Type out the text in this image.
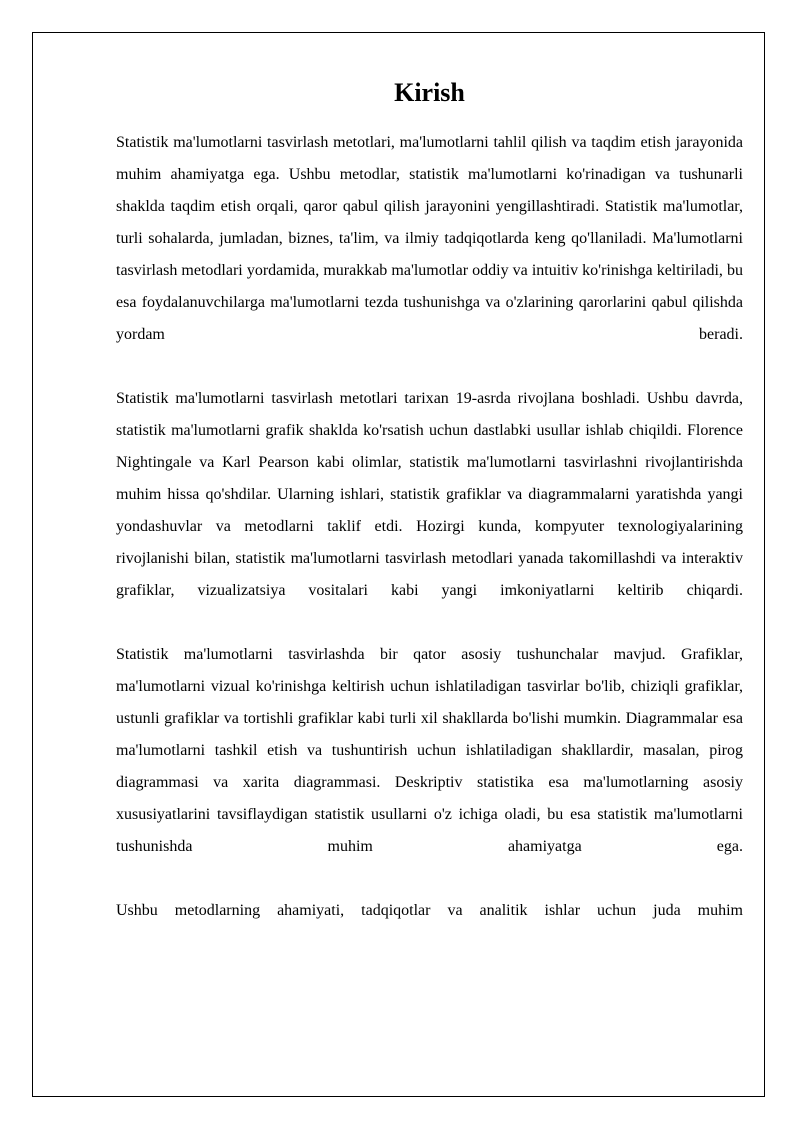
Kirish

Statistik ma'lumotlarni tasvirlash metotlari, ma'lumotlarni tahlil qilish va taqdim etish jarayonida muhim ahamiyatga ega. Ushbu metodlar, statistik ma'lumotlarni ko'rinadigan va tushunarli shaklda taqdim etish orqali, qaror qabul qilish jarayonini yengillashtiradi. Statistik ma'lumotlar, turli sohalarda, jumladan, biznes, ta'lim, va ilmiy tadqiqotlarda keng qo'llaniladi. Ma'lumotlarni tasvirlash metodlari yordamida, murakkab ma'lumotlar oddiy va intuitiv ko'rinishga keltiriladi, bu esa foydalanuvchilarga ma'lumotlarni tezda tushunishga va o'zlarining qarorlarini qabul qilishda yordam beradi.

Statistik ma'lumotlarni tasvirlash metotlari tarixan 19-asrda rivojlana boshladi. Ushbu davrda, statistik ma'lumotlarni grafik shaklda ko'rsatish uchun dastlabki usullar ishlab chiqildi. Florence Nightingale va Karl Pearson kabi olimlar, statistik ma'lumotlarni tasvirlashni rivojlantirishda muhim hissa qo'shdilar. Ularning ishlari, statistik grafiklar va diagrammalarni yaratishda yangi yondashuvlar va metodlarni taklif etdi. Hozirgi kunda, kompyuter texnologiyalarining rivojlanishi bilan, statistik ma'lumotlarni tasvirlash metodlari yanada takomillashdi va interaktiv grafiklar, vizualizatsiya vositalari kabi yangi imkoniyatlarni keltirib chiqardi.

Statistik ma'lumotlarni tasvirlashda bir qator asosiy tushunchalar mavjud. Grafiklar, ma'lumotlarni vizual ko'rinishga keltirish uchun ishlatiladigan tasvirlar bo'lib, chiziqli grafiklar, ustunli grafiklar va tortishli grafiklar kabi turli xil shakllarda bo'lishi mumkin. Diagrammalar esa ma'lumotlarni tashkil etish va tushuntirish uchun ishlatiladigan shakllardir, masalan, pirog diagrammasi va xarita diagrammasi. Deskriptiv statistika esa ma'lumotlarning asosiy xususiyatlarini tavsiflaydigan statistik usullarni o'z ichiga oladi, bu esa statistik ma'lumotlarni tushunishda muhim ahamiyatga ega.

Ushbu metodlarning ahamiyati, tadqiqotlar va analitik ishlar uchun juda muhim
